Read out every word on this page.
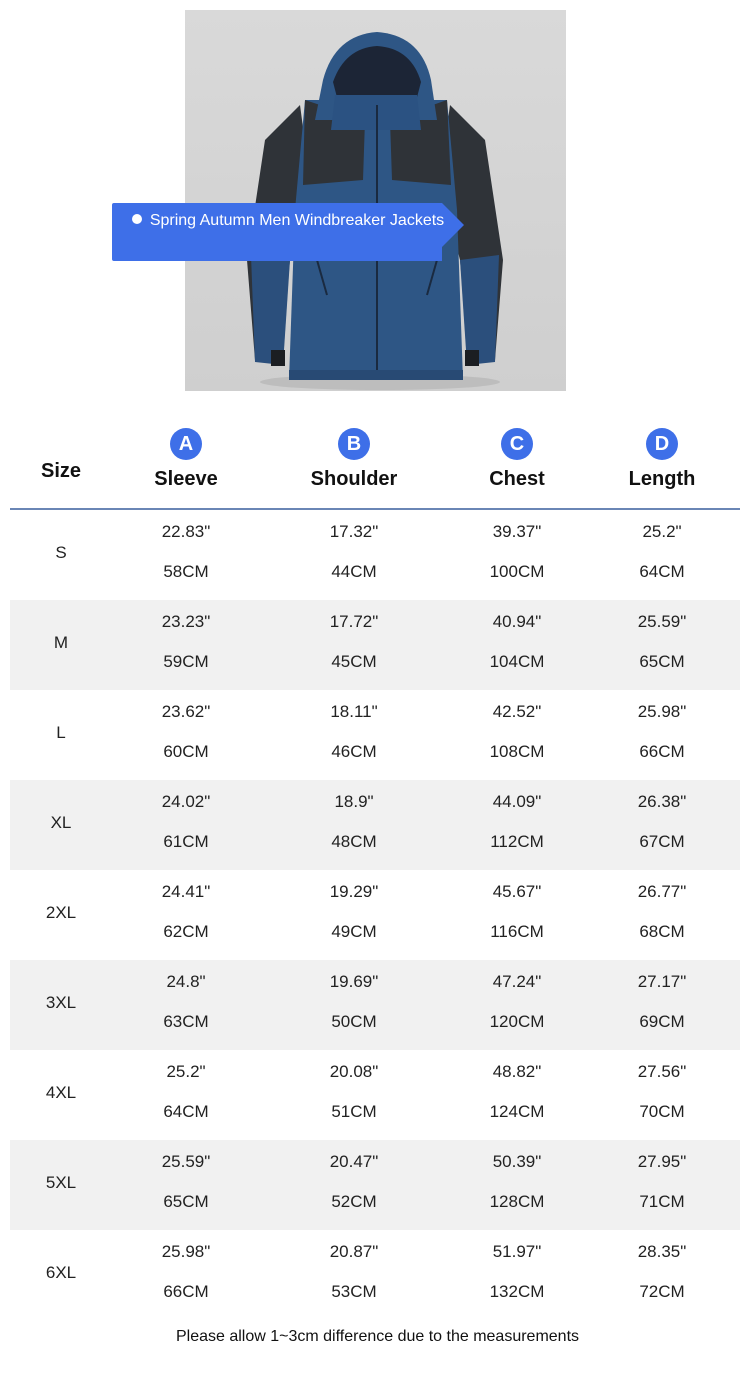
Spring Autumn Men Windbreaker Jackets
Size
A
Sleeve
B
Shoulder
C
Chest
D
Length
S
22.83"
58CM
17.32"
44CM
39.37"
100CM
25.2"
64CM
M
23.23"
59CM
17.72"
45CM
40.94"
104CM
25.59"
65CM
L
23.62"
60CM
18.11"
46CM
42.52"
108CM
25.98"
66CM
XL
24.02"
61CM
18.9"
48CM
44.09"
112CM
26.38"
67CM
2XL
24.41"
62CM
19.29"
49CM
45.67"
116CM
26.77"
68CM
3XL
24.8"
63CM
19.69"
50CM
47.24"
120CM
27.17"
69CM
4XL
25.2"
64CM
20.08"
51CM
48.82"
124CM
27.56"
70CM
5XL
25.59"
65CM
20.47"
52CM
50.39"
128CM
27.95"
71CM
6XL
25.98"
66CM
20.87"
53CM
51.97"
132CM
28.35"
72CM
Please allow 1~3cm difference due to the measurements
